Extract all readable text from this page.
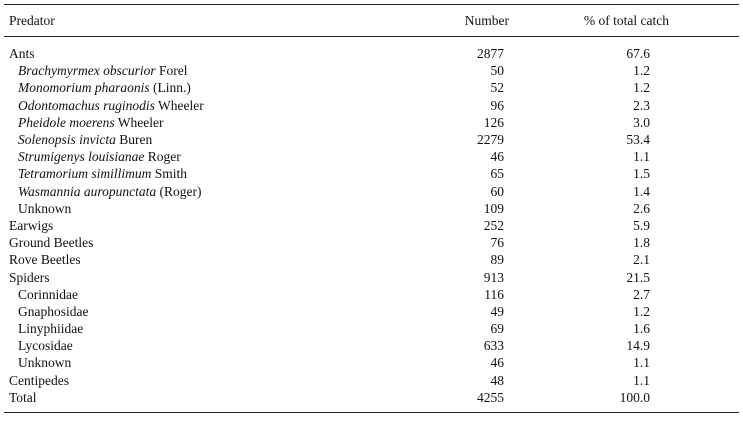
Predator	Number	% of total catch
Ants	2877	67.6
Brachymyrmex obscurior Forel	50	1.2
Monomorium pharaonis (Linn.)	52	1.2
Odontomachus ruginodis Wheeler	96	2.3
Pheidole moerens Wheeler	126	3.0
Solenopsis invicta Buren	2279	53.4
Strumigenys louisianae Roger	46	1.1
Tetramorium simillimum Smith	65	1.5
Wasmannia auropunctata (Roger)	60	1.4
Unknown	109	2.6
Earwigs	252	5.9
Ground Beetles	76	1.8
Rove Beetles	89	2.1
Spiders	913	21.5
Corinnidae	116	2.7
Gnaphosidae	49	1.2
Linyphiidae	69	1.6
Lycosidae	633	14.9
Unknown	46	1.1
Centipedes	48	1.1
Total	4255	100.0
